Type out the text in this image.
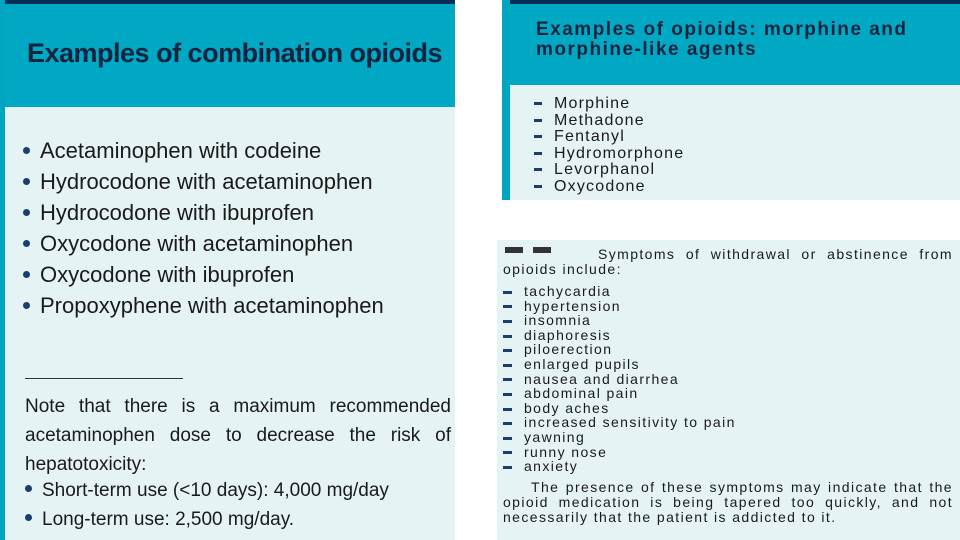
Examples of combination opioids
Acetaminophen with codeine
Hydrocodone with acetaminophen
Hydrocodone with ibuprofen
Oxycodone with acetaminophen
Oxycodone with ibuprofen
Propoxyphene with acetaminophen
Note that there is a maximum recommended acetaminophen dose to decrease the risk of hepatotoxicity:
Short-term use (<10 days): 4,000 mg/day
Long-term use: 2,500 mg/day.
Examples of opioids: morphine and morphine-like agents
Morphine
Methadone
Fentanyl
Hydromorphone
Levorphanol
Oxycodone
Symptoms of withdrawal or abstinence from opioids include:
tachycardia
hypertension
insomnia
diaphoresis
piloerection
enlarged pupils
nausea and diarrhea
abdominal pain
body aches
increased sensitivity to pain
yawning
runny nose
anxiety
The presence of these symptoms may indicate that the opioid medication is being tapered too quickly, and not necessarily that the patient is addicted to it.
